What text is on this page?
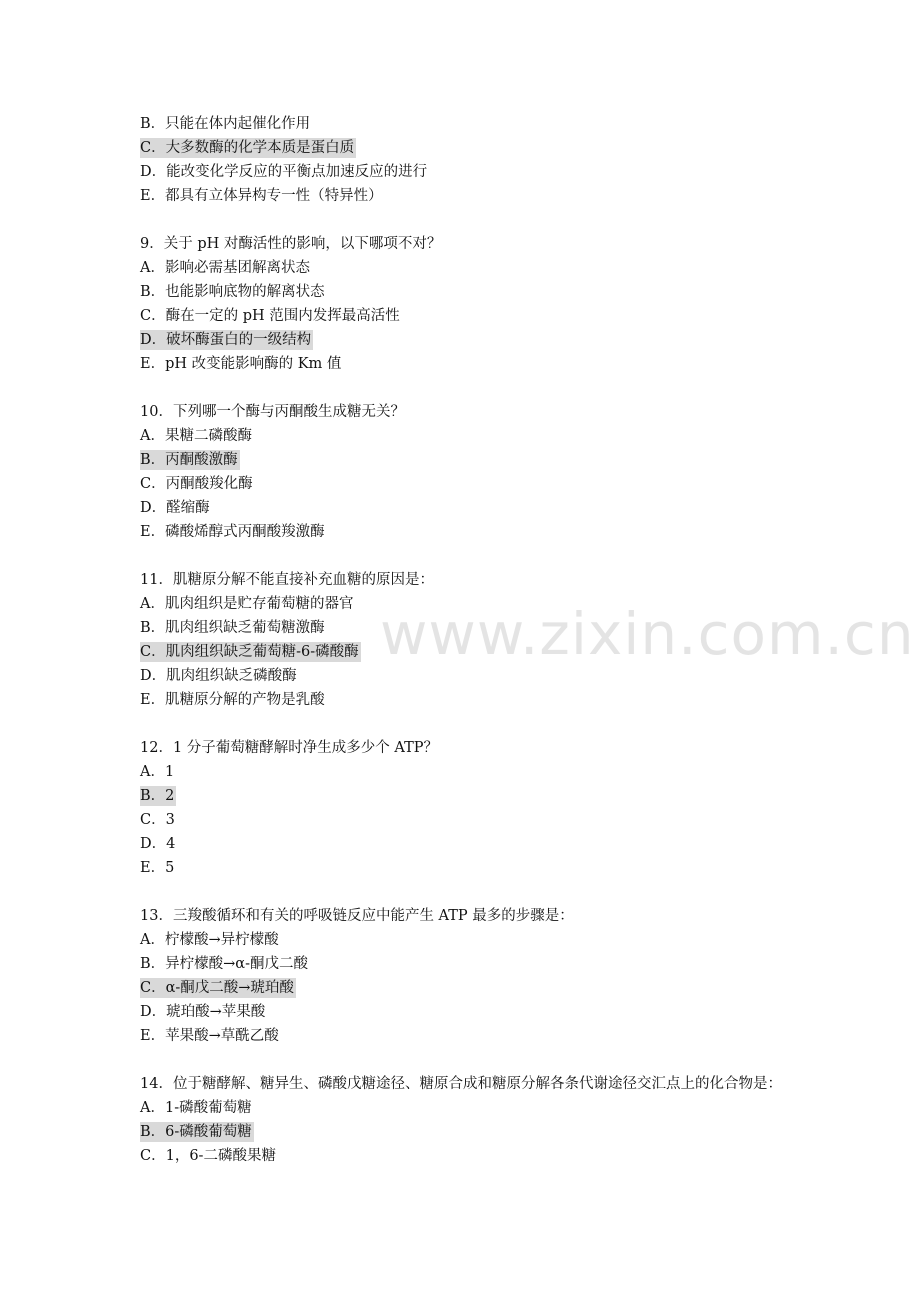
B．只能在体内起催化作用

C．大多数酶的化学本质是蛋白质

D．能改变化学反应的平衡点加速反应的进行

E．都具有立体异构专一性（特异性）

9．关于 pH 对酶活性的影响，以下哪项不对？

A．影响必需基团解离状态

B．也能影响底物的解离状态

C．酶在一定的 pH 范围内发挥最高活性

D．破坏酶蛋白的一级结构

E．pH 改变能影响酶的 Km 值

10．下列哪一个酶与丙酮酸生成糖无关？

A．果糖二磷酸酶

B．丙酮酸激酶

C．丙酮酸羧化酶

D．醛缩酶

E．磷酸烯醇式丙酮酸羧激酶

11．肌糖原分解不能直接补充血糖的原因是：

A．肌肉组织是贮存葡萄糖的器官

B．肌肉组织缺乏葡萄糖激酶

C．肌肉组织缺乏葡萄糖-6-磷酸酶

D．肌肉组织缺乏磷酸酶

E．肌糖原分解的产物是乳酸

12．1 分子葡萄糖酵解时净生成多少个 ATP？

A．1

B．2

C．3

D．4

E．5

13．三羧酸循环和有关的呼吸链反应中能产生 ATP 最多的步骤是：

A．柠檬酸→异柠檬酸

B．异柠檬酸→α-酮戊二酸

C．α-酮戊二酸→琥珀酸

D．琥珀酸→苹果酸

E．苹果酸→草酰乙酸

14．位于糖酵解、糖异生、磷酸戊糖途径、糖原合成和糖原分解各条代谢途径交汇点上的化合物是：

A．1-磷酸葡萄糖

B．6-磷酸葡萄糖

C．1，6-二磷酸果糖

www.zixin.com.cn
